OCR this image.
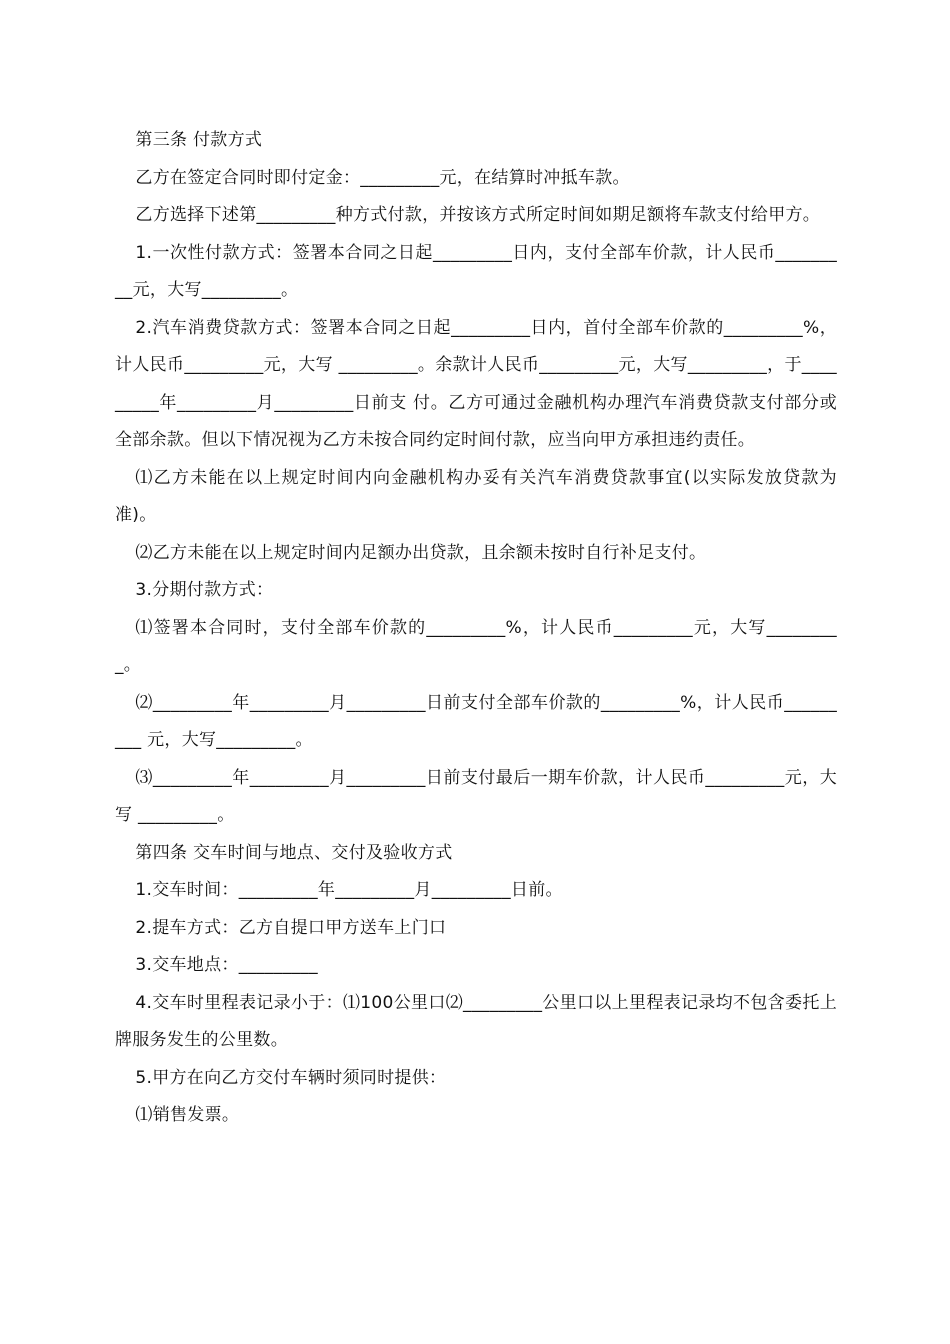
第三条 付款方式

乙方在签定合同时即付定金：_________元，在结算时冲抵车款。

乙方选择下述第_________种方式付款，并按该方式所定时间如期足额将车款支付给甲方。

1.一次性付款方式：签署本合同之日起_________日内，支付全部车价款，计人民币_________元，大写_________。

2.汽车消费贷款方式：签署本合同之日起_________日内，首付全部车价款的_________%，计人民币_________元，大写 _________。余款计人民币_________元，大写_________，于_________年_________月_________日前支 付。乙方可通过金融机构办理汽车消费贷款支付部分或全部余款。但以下情况视为乙方未按合同约定时间付款，应当向甲方承担违约责任。

⑴乙方未能在以上规定时间内向金融机构办妥有关汽车消费贷款事宜(以实际发放贷款为准)。

⑵乙方未能在以上规定时间内足额办出贷款，且余额未按时自行补足支付。

3.分期付款方式：

⑴签署本合同时，支付全部车价款的_________%，计人民币_________元，大写_________。

⑵_________年_________月_________日前支付全部车价款的_________%，计人民币_________ 元，大写_________。

⑶_________年_________月_________日前支付最后一期车价款，计人民币_________元，大写 _________。

第四条 交车时间与地点、交付及验收方式

1.交车时间：_________年_________月_________日前。

2.提车方式：乙方自提口甲方送车上门口

3.交车地点：_________

4.交车时里程表记录小于：⑴100公里口⑵_________公里口以上里程表记录均不包含委托上牌服务发生的公里数。

5.甲方在向乙方交付车辆时须同时提供：

⑴销售发票。
